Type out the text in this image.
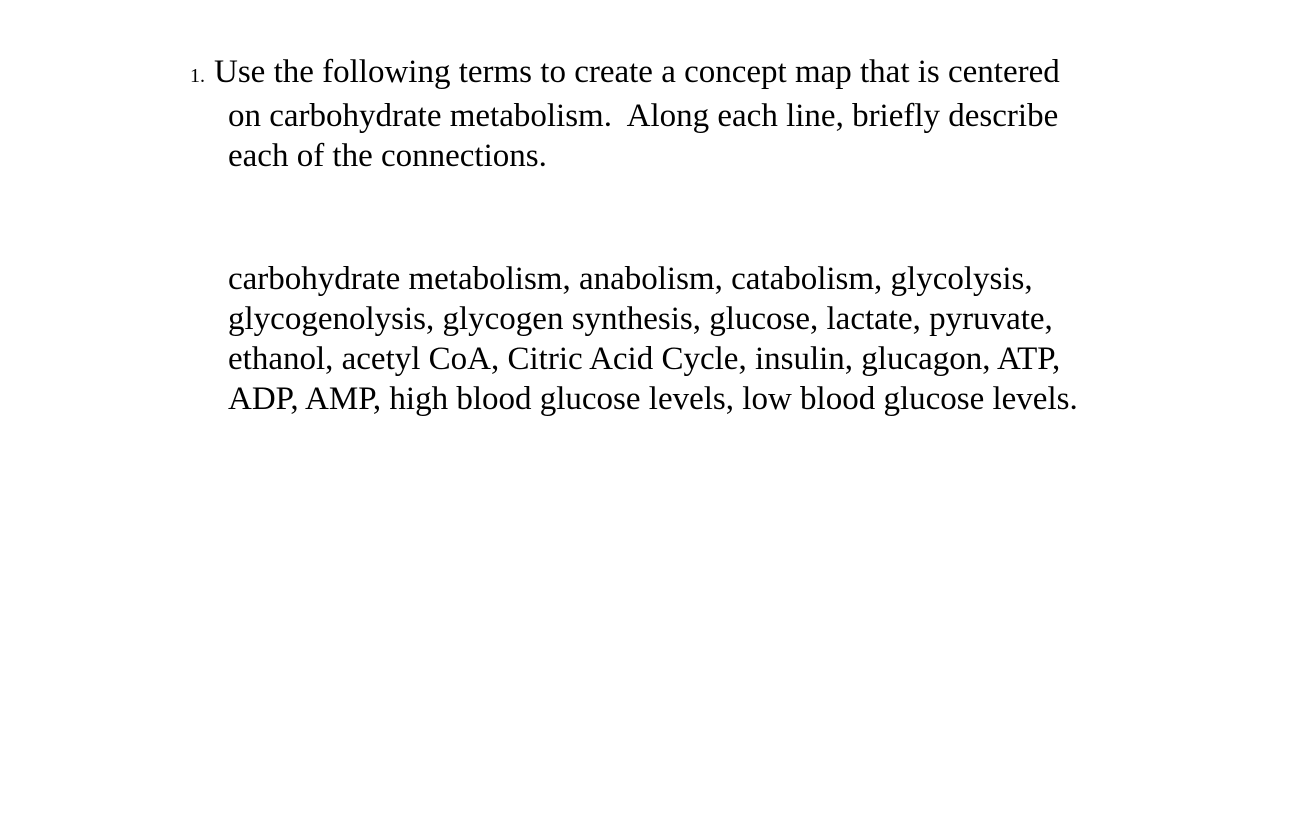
1. Use the following terms to create a concept map that is centered
on carbohydrate metabolism.  Along each line, briefly describe
each of the connections.
carbohydrate metabolism, anabolism, catabolism, glycolysis,
glycogenolysis, glycogen synthesis, glucose, lactate, pyruvate,
ethanol, acetyl CoA, Citric Acid Cycle, insulin, glucagon, ATP,
ADP, AMP, high blood glucose levels, low blood glucose levels.
